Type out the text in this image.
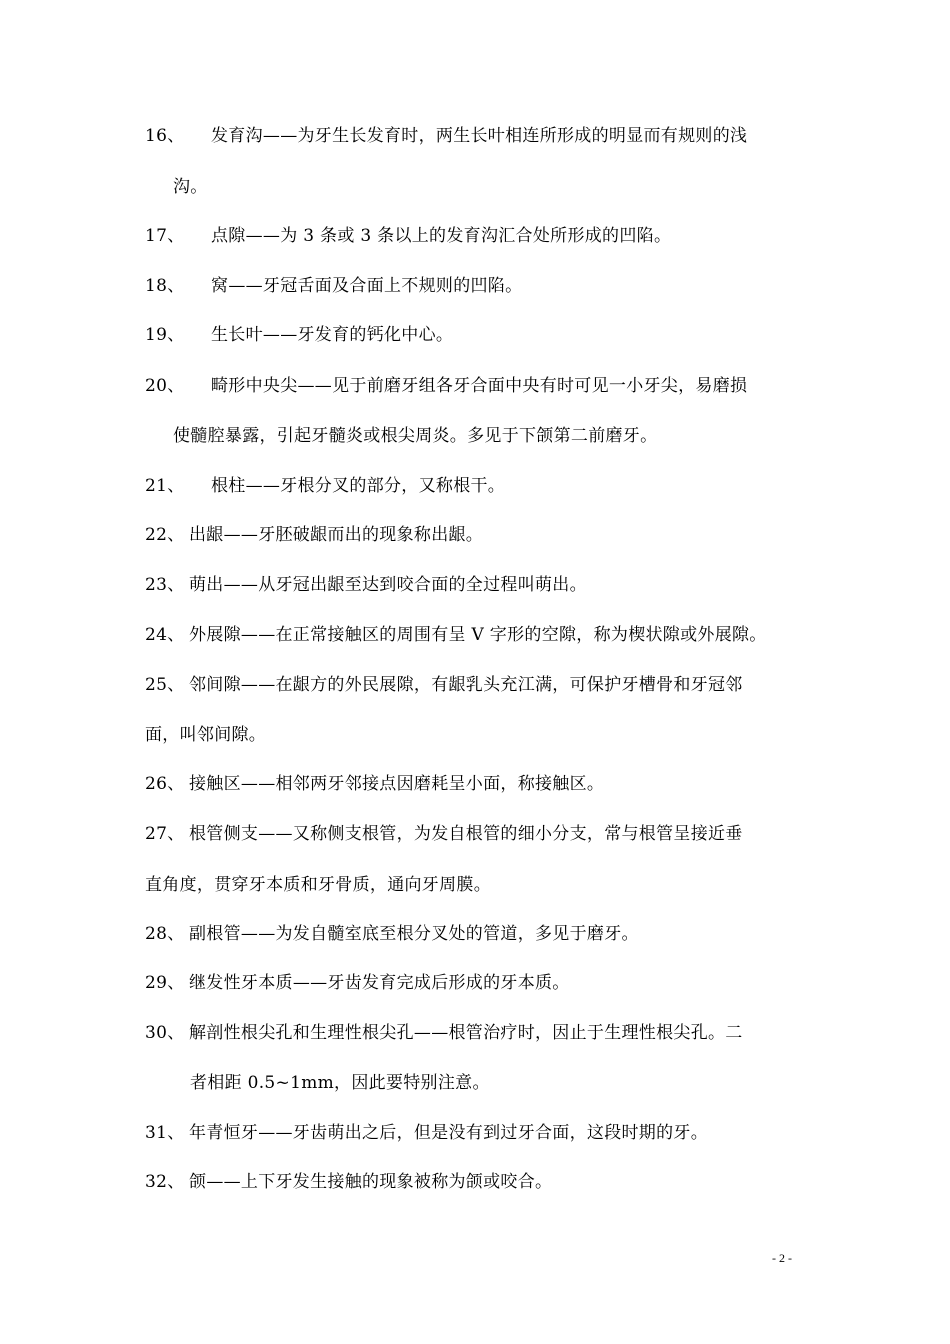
16、 发育沟——为牙生长发育时，两生长叶相连所形成的明显而有规则的浅
沟。
17、 点隙——为 3 条或 3 条以上的发育沟汇合处所形成的凹陷。
18、 窝——牙冠舌面及合面上不规则的凹陷。
19、 生长叶——牙发育的钙化中心。
20、 畸形中央尖——见于前磨牙组各牙合面中央有时可见一小牙尖，易磨损
使髓腔暴露，引起牙髓炎或根尖周炎。多见于下颌第二前磨牙。
21、 根柱——牙根分叉的部分，又称根干。
22、 出龈——牙胚破龈而出的现象称出龈。
23、 萌出——从牙冠出龈至达到咬合面的全过程叫萌出。
24、 外展隙——在正常接触区的周围有呈 V 字形的空隙，称为楔状隙或外展隙。
25、 邻间隙——在龈方的外民展隙，有龈乳头充江满，可保护牙槽骨和牙冠邻
面，叫邻间隙。
26、 接触区——相邻两牙邻接点因磨耗呈小面，称接触区。
27、 根管侧支——又称侧支根管，为发自根管的细小分支，常与根管呈接近垂
直角度，贯穿牙本质和牙骨质，通向牙周膜。
28、 副根管——为发自髓室底至根分叉处的管道，多见于磨牙。
29、 继发性牙本质——牙齿发育完成后形成的牙本质。
30、 解剖性根尖孔和生理性根尖孔——根管治疗时，因止于生理性根尖孔。二
者相距 0.5~1mm，因此要特别注意。
31、 年青恒牙——牙齿萌出之后，但是没有到过牙合面，这段时期的牙。
32、 颌——上下牙发生接触的现象被称为颌或咬合。
- 2 -
